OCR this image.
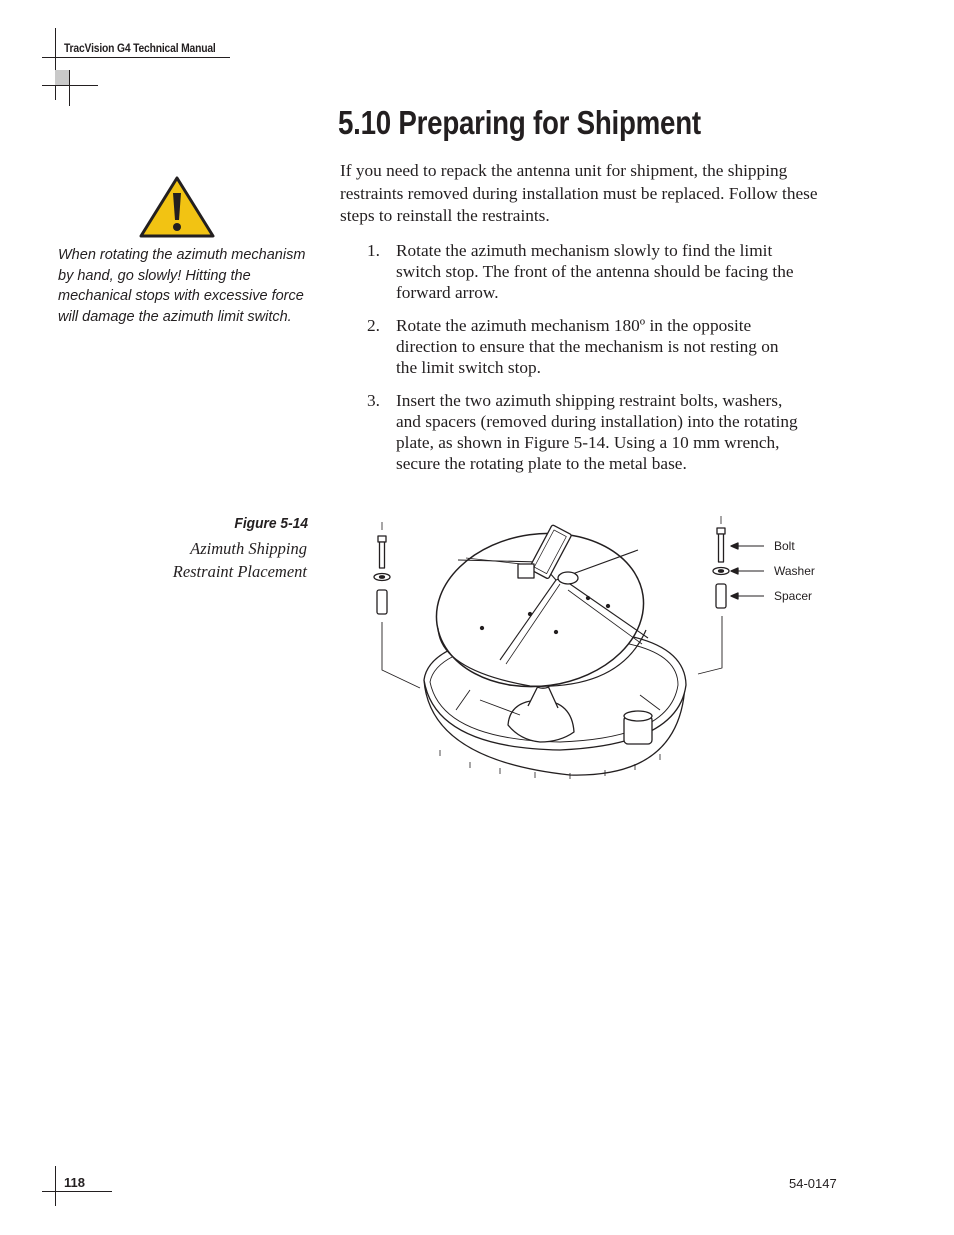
TracVision G4 Technical Manual
5.10 Preparing for Shipment
When rotating the azimuth mechanism by hand, go slowly! Hitting the mechanical stops with excessive force will damage the azimuth limit switch.
If you need to repack the antenna unit for shipment, the shipping restraints removed during installation must be replaced. Follow these steps to reinstall the restraints.
1. Rotate the azimuth mechanism slowly to find the limit switch stop. The front of the antenna should be facing the forward arrow.
2. Rotate the azimuth mechanism 180º in the opposite direction to ensure that the mechanism is not resting on the limit switch stop.
3. Insert the two azimuth shipping restraint bolts, washers, and spacers (removed during installation) into the rotating plate, as shown in Figure 5-14. Using a 10 mm wrench, secure the rotating plate to the metal base.
Figure 5-14
Azimuth Shipping
Restraint Placement
Bolt
Washer
Spacer
118	54-0147
